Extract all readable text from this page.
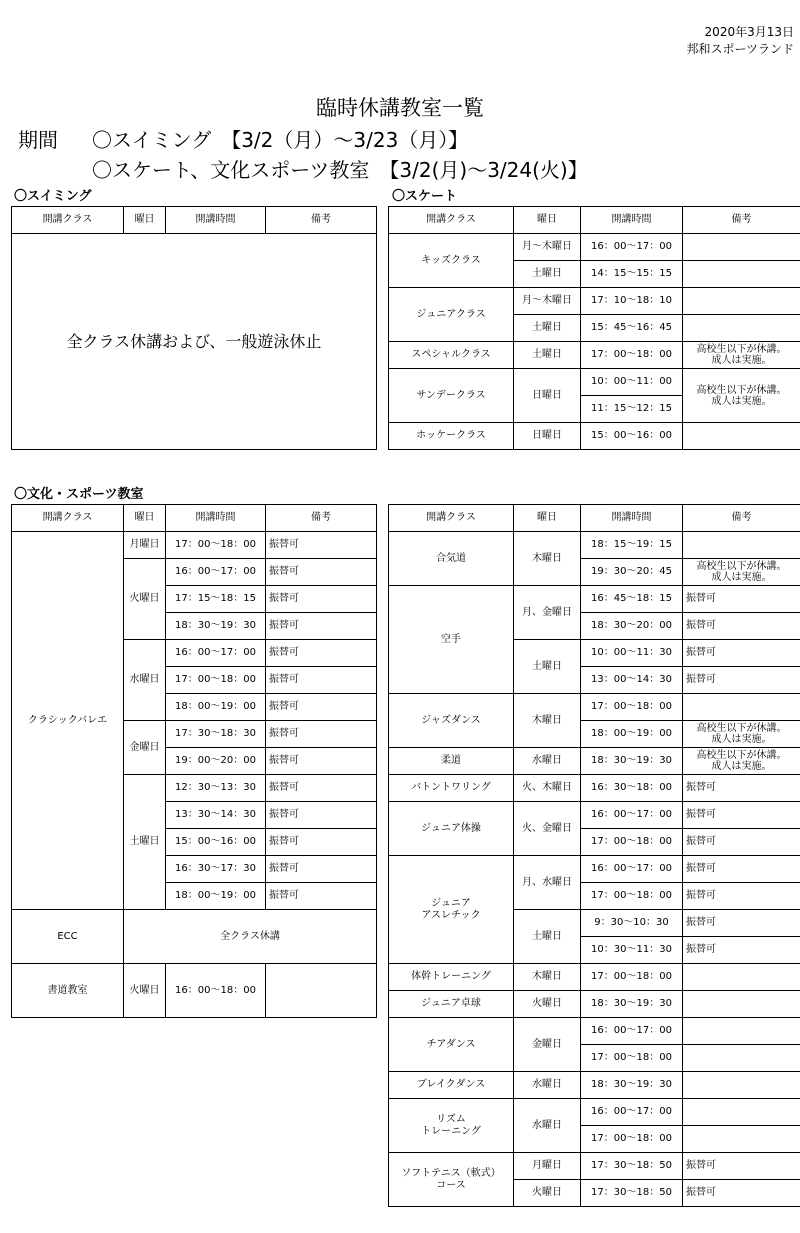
2020年3月13日
邦和スポーツランド
臨時休講教室一覧
期間 〇スイミング　【3/2（月）～3/23（月）】
〇スケート、文化スポーツ教室　【3/2(月)～3/24(火)】
〇スイミング	〇スケート
〇文化・スポーツ教室
開講クラス	曜日	開講時間	備考
全クラス休講および、一般遊泳休止
開講クラス	曜日	開講時間	備考
キッズクラス	月～木曜日	16：00～17：00	
	土曜日	14：15～15：15	
ジュニアクラス	月～木曜日	17：10～18：10	
	土曜日	15：45～16：45	
スペシャルクラス	土曜日	17：00～18：00	高校生以下が休講。
成人は実施。
サンデークラス	日曜日	10：00～11：00	高校生以下が休講。
成人は実施。
		11：15～12：15	
ホッケークラス	日曜日	15：00～16：00	
開講クラス	曜日	開講時間	備考
クラシックバレエ	月曜日	17：00～18：00	振替可
	火曜日	16：00～17：00	振替可
		17：15～18：15	振替可
		18：30～19：30	振替可
	水曜日	16：00～17：00	振替可
		17：00～18：00	振替可
		18：00～19：00	振替可
	金曜日	17：30～18：30	振替可
		19：00～20：00	振替可
	土曜日	12：30～13：30	振替可
		13：30～14：30	振替可
		15：00～16：00	振替可
		16：30～17：30	振替可
		18：00～19：00	振替可
ECC	全クラス休講		
書道教室	火曜日	16：00～18：00	
開講クラス	曜日	開講時間	備考
合気道	木曜日	18：15～19：15	
		19：30～20：45	高校生以下が休講。
成人は実施。
空手	月、金曜日	16：45～18：15	振替可
		18：30～20：00	振替可
	土曜日	10：00～11：30	振替可
		13：00～14：30	振替可
ジャズダンス	木曜日	17：00～18：00	
		18：00～19：00	高校生以下が休講。
成人は実施。
柔道	水曜日	18：30～19：30	高校生以下が休講。
成人は実施。
バトントワリング	火、木曜日	16：30～18：00	振替可
ジュニア体操	火、金曜日	16：00～17：00	振替可
		17：00～18：00	振替可
ジュニア
アスレチック	月、水曜日	16：00～17：00	振替可
		17：00～18：00	振替可
	土曜日	9：30～10：30	振替可
		10：30～11：30	振替可
体幹トレーニング	木曜日	17：00～18：00	
ジュニア卓球	火曜日	18：30～19：30	
チアダンス	金曜日	16：00～17：00	
		17：00～18：00	
ブレイクダンス	水曜日	18：30～19：30	
リズム
トレーニング	水曜日	16：00～17：00	
		17：00～18：00	
ソフトテニス（軟式）
コース	月曜日	17：30～18：50	振替可
	火曜日	17：30～18：50	振替可
